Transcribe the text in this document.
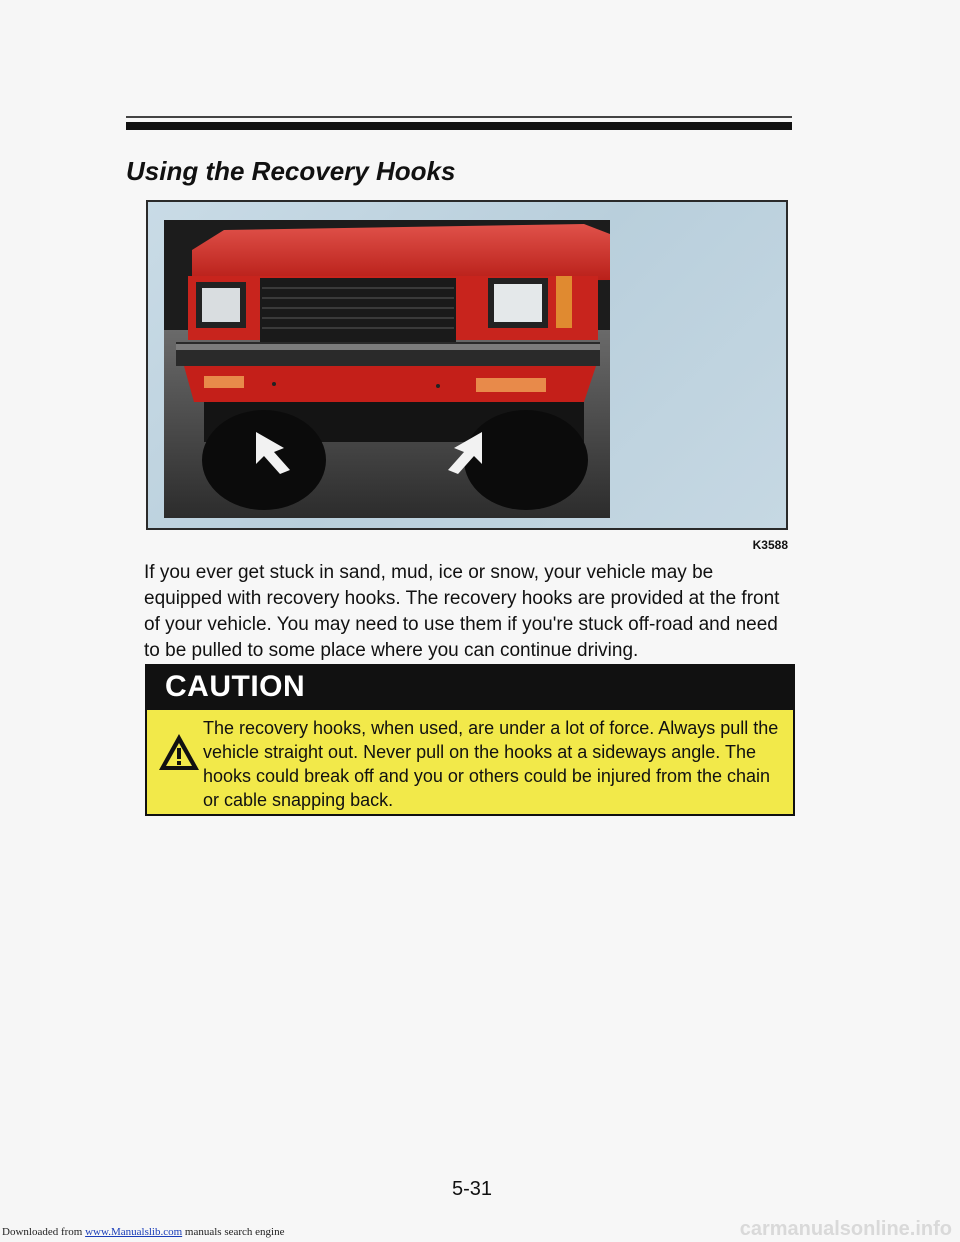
Using the Recovery Hooks
K3588

If you ever get stuck in sand, mud, ice or snow, your vehicle may be equipped with recovery hooks. The recovery hooks are provided at the front of your vehicle. You may need to use them if you're stuck off-road and need to be pulled to some place where you can continue driving.

CAUTION

The recovery hooks, when used, are under a lot of force. Always pull the vehicle straight out. Never pull on the hooks at a sideways angle. The hooks could break off and you or others could be injured from the chain or cable snapping back.

5-31
Downloaded from www.Manualslib.com manuals search engine	carmanualsonline.info
